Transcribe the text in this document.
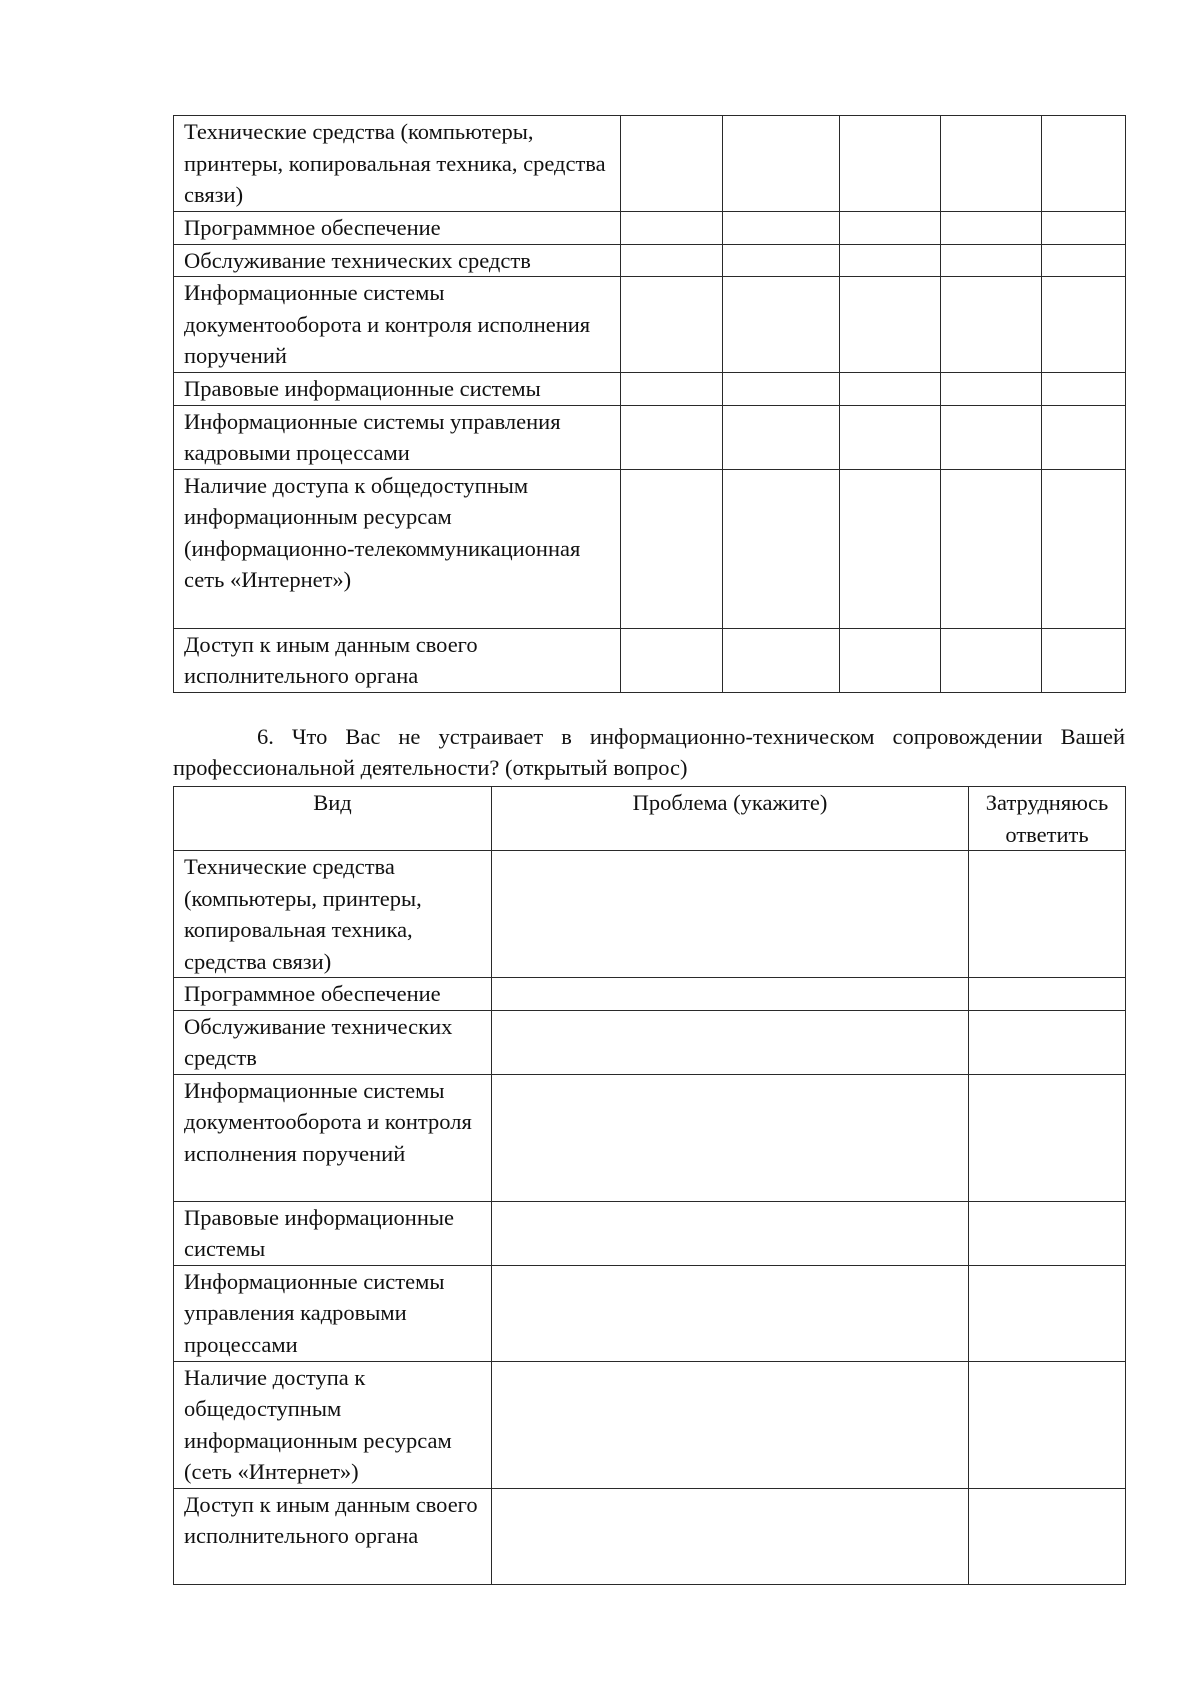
Технические средства (компьютеры, принтеры, копировальная техника, средства связи)					
Программное обеспечение					
Обслуживание технических средств					
Информационные системы документооборота и контроля исполнения поручений					
Правовые информационные системы					
Информационные системы управления кадровыми процессами					
Наличие доступа к общедоступным информационным ресурсам (информационно-телекоммуникационная сеть «Интернет»)					
Доступ к иным данным своего исполнительного органа					

6. Что Вас не устраивает в информационно-техническом сопровождении Вашей

профессиональной деятельности? (открытый вопрос)

Вид	Проблема (укажите)	Затрудняюсь ответить
Технические средства (компьютеры, принтеры, копировальная техника, средства связи)		
Программное обеспечение		
Обслуживание технических средств		
Информационные системы документооборота и контроля исполнения поручений		
Правовые информационные системы		
Информационные системы управления кадровыми процессами		
Наличие доступа к общедоступным информационным ресурсам (сеть «Интернет»)		
Доступ к иным данным своего исполнительного органа		
